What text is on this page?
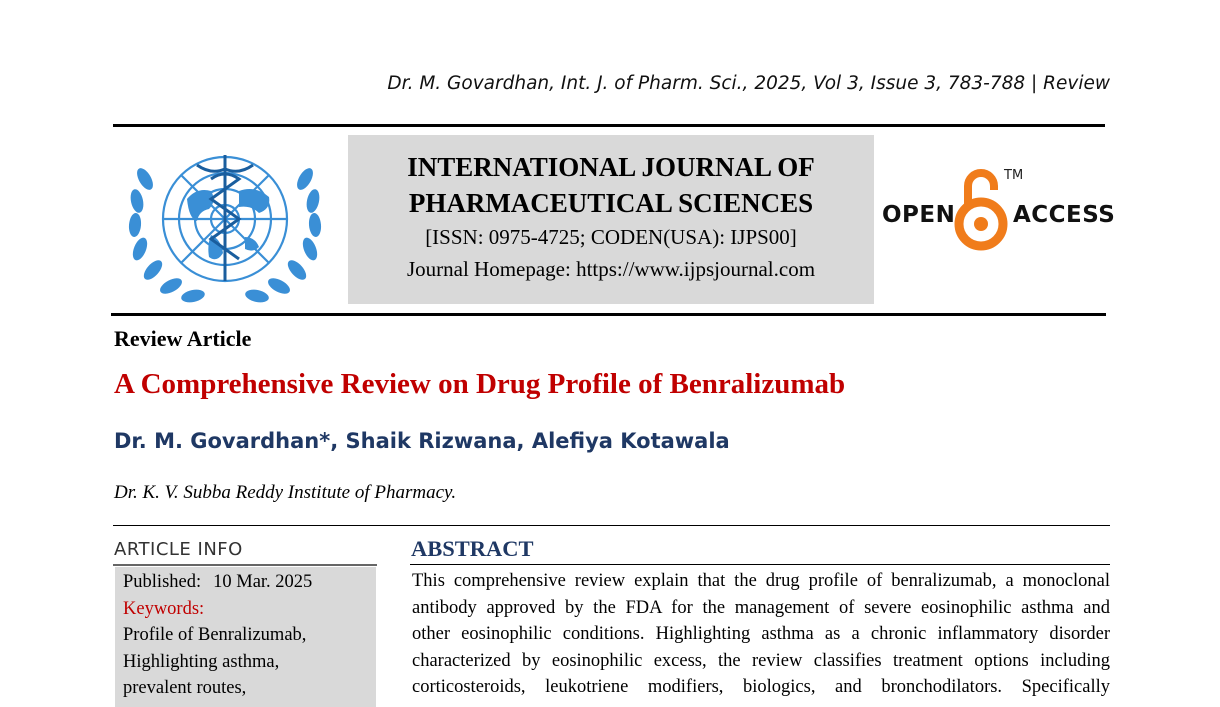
Dr. M. Govardhan, Int. J. of Pharm. Sci., 2025, Vol 3, Issue 3, 783-788 | Review
INTERNATIONAL JOURNAL OF
PHARMACEUTICAL SCIENCES
[ISSN: 0975-4725; CODEN(USA): IJPS00]
Journal Homepage: https://www.ijpsjournal.com
OPEN
TM
ACCESS
Review Article
A Comprehensive Review on Drug Profile of Benralizumab
Dr. M. Govardhan*, Shaik Rizwana, Alefiya Kotawala
Dr. K. V. Subba Reddy Institute of Pharmacy.
ARTICLE INFO
Published: 10 Mar. 2025
Keywords:
Profile of Benralizumab,
Highlighting asthma,
prevalent routes,
ABSTRACT
This comprehensive review explain that the drug profile of benralizumab, a monoclonal
antibody approved by the FDA for the management of severe eosinophilic asthma and
other eosinophilic conditions. Highlighting asthma as a chronic inflammatory disorder
characterized by eosinophilic excess, the review classifies treatment options including
corticosteroids, leukotriene modifiers, biologics, and bronchodilators. Specifically
